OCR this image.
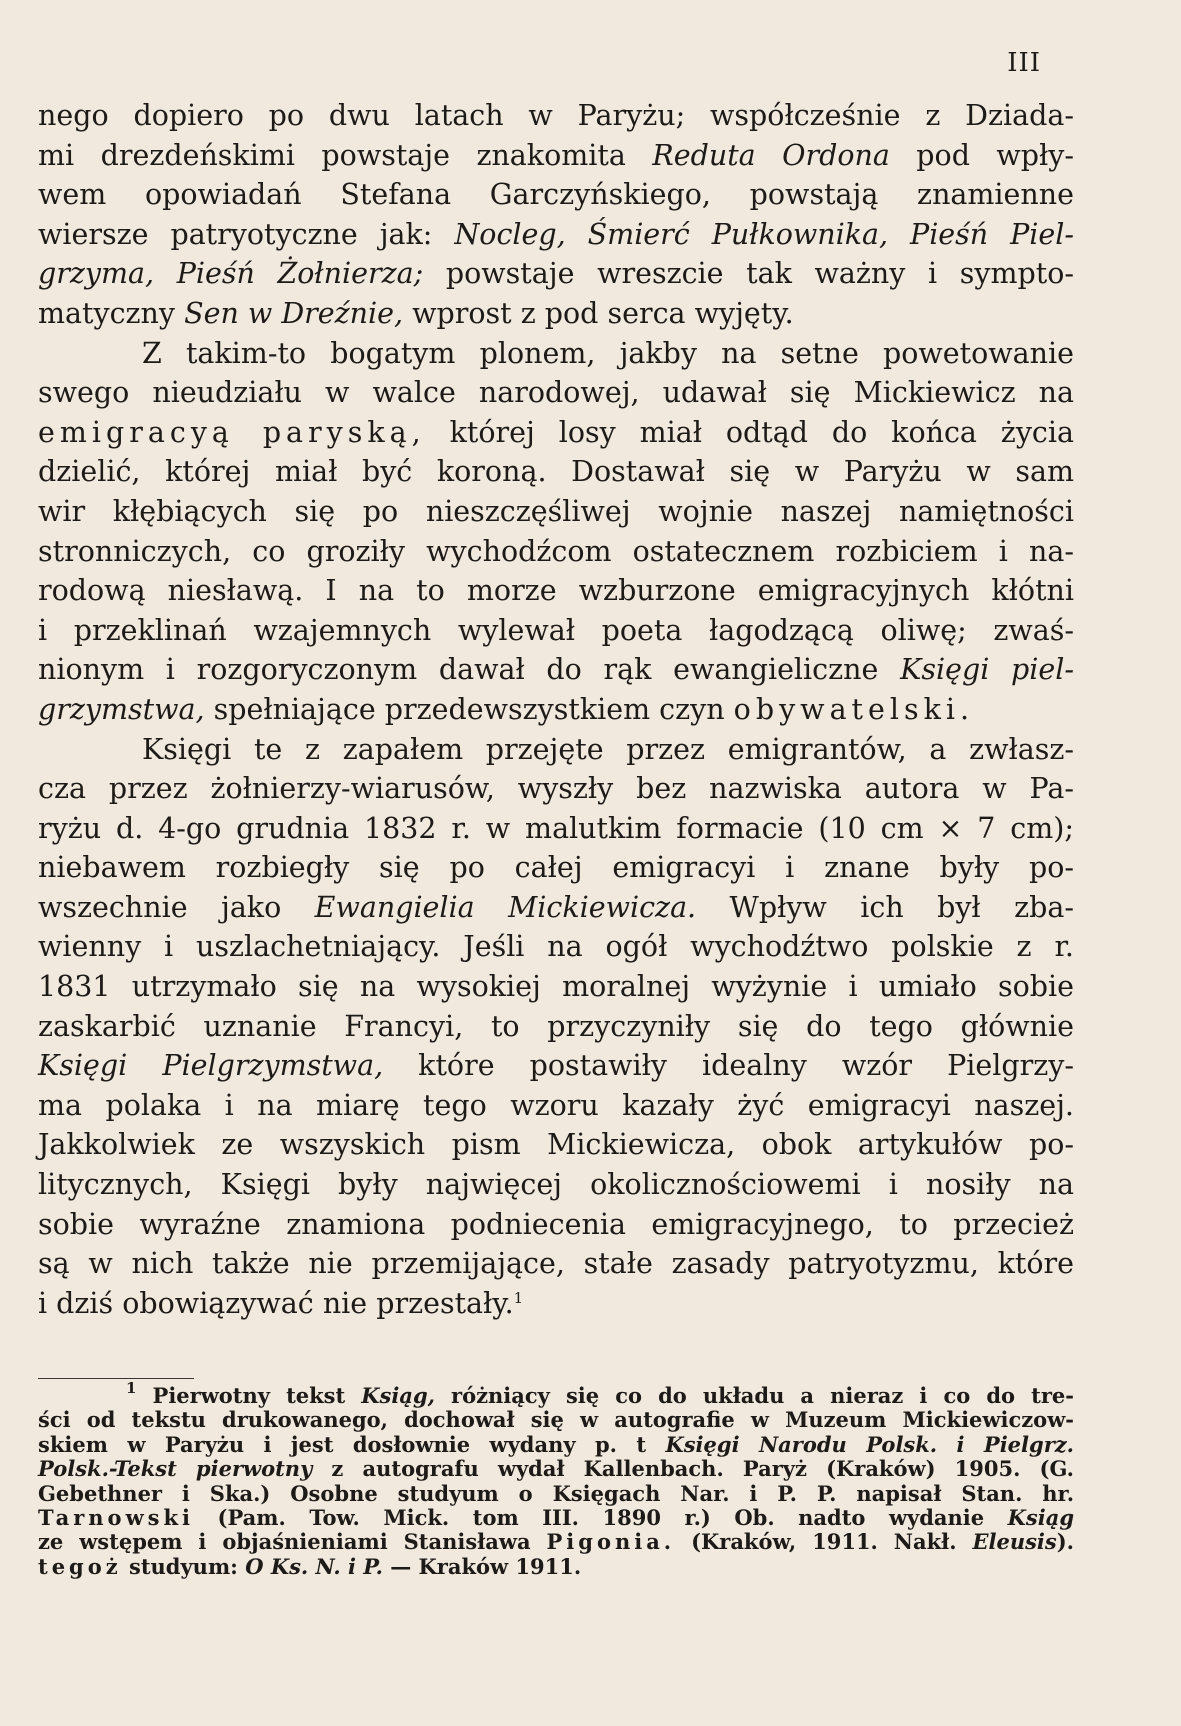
III
nego dopiero po dwu latach w Paryżu; współcześnie z Dziada-
mi drezdeńskimi powstaje znakomita Reduta Ordona pod wpły-
wem opowiadań Stefana Garczyńskiego, powstają znamienne
wiersze patryotyczne jak: Nocleg, Śmierć Pułkownika, Pieśń Piel-
grzyma, Pieśń Żołnierza; powstaje wreszcie tak ważny i sympto-
matyczny Sen w Dreźnie, wprost z pod serca wyjęty.
Z takim-to bogatym plonem, jakby na setne powetowanie
swego nieudziału w walce narodowej, udawał się Mickiewicz na
emigracyą paryską, której losy miał odtąd do końca życia
dzielić, której miał być koroną. Dostawał się w Paryżu w sam
wir kłębiących się po nieszczęśliwej wojnie naszej namiętności
stronniczych, co groziły wychodźcom ostatecznem rozbiciem i na-
rodową niesławą. I na to morze wzburzone emigracyjnych kłótni
i przeklinań wzajemnych wylewał poeta łagodzącą oliwę; zwaś-
nionym i rozgoryczonym dawał do rąk ewangieliczne Księgi piel-
grzymstwa, spełniające przedewszystkiem czyn obywatelski.
Księgi te z zapałem przejęte przez emigrantów, a zwłasz-
cza przez żołnierzy-wiarusów, wyszły bez nazwiska autora w Pa-
ryżu d. 4-go grudnia 1832 r. w malutkim formacie (10 cm × 7 cm);
niebawem rozbiegły się po całej emigracyi i znane były po-
wszechnie jako Ewangielia Mickiewicza. Wpływ ich był zba-
wienny i uszlachetniający. Jeśli na ogół wychodźtwo polskie z r.
1831 utrzymało się na wysokiej moralnej wyżynie i umiało sobie
zaskarbić uznanie Francyi, to przyczyniły się do tego głównie
Księgi Pielgrzymstwa, które postawiły idealny wzór Pielgrzy-
ma polaka i na miarę tego wzoru kazały żyć emigracyi naszej.
Jakkolwiek ze wszyskich pism Mickiewicza, obok artykułów po-
litycznych, Księgi były najwięcej okolicznościowemi i nosiły na
sobie wyraźne znamiona podniecenia emigracyjnego, to przecież
są w nich także nie przemijające, stałe zasady patryotyzmu, które
i dziś obowiązywać nie przestały.$^1$
$^1$ Pierwotny tekst Ksiąg, różniący się co do układu a nieraz i co do tre-
ści od tekstu drukowanego, dochował się w autografie w Muzeum Mickiewiczow-
skiem w Paryżu i jest dosłownie wydany p. t Księgi Narodu Polsk. i Pielgrz.
Polsk.-Tekst pierwotny z autografu wydał Kallenbach. Paryż (Kraków) 1905. (G.
Gebethner i Ska.) Osobne studyum o Księgach Nar. i P. P. napisał Stan. hr.
Tarnowski (Pam. Tow. Mick. tom III. 1890 r.) Ob. nadto wydanie Ksiąg
ze wstępem i objaśnieniami Stanisława Pigonia. (Kraków, 1911. Nakł. Eleusis).
tegoż studyum: O Ks. N. i P. — Kraków 1911.
